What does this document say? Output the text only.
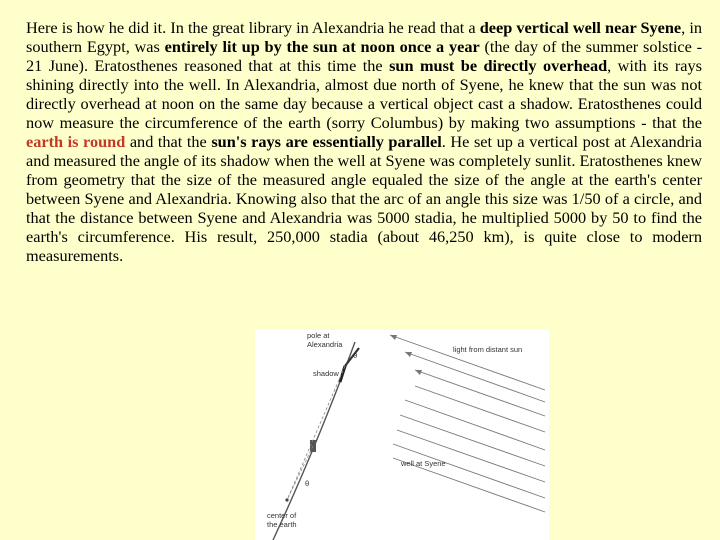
Here is how he did it. In the great library in Alexandria he read that a deep vertical well near Syene, in southern Egypt, was entirely lit up by the sun at noon once a year (the day of the summer solstice - 21 June). Eratosthenes reasoned that at this time the sun must be directly overhead, with its rays shining directly into the well. In Alexandria, almost due north of Syene, he knew that the sun was not directly overhead at noon on the same day because a vertical object cast a shadow. Eratosthenes could now measure the circumference of the earth (sorry Columbus) by making two assumptions - that the earth is round and that the sun's rays are essentially parallel. He set up a vertical post at Alexandria and measured the angle of its shadow when the well at Syene was completely sunlit. Eratosthenes knew from geometry that the size of the measured angle equaled the size of the angle at the earth's center between Syene and Alexandria. Knowing also that the arc of an angle this size was 1/50 of a circle, and that the distance between Syene and Alexandria was 5000 stadia, he multiplied 5000 by 50 to find the earth's circumference. His result, 250,000 stadia (about 46,250 km), is quite close to modern measurements.
pole at
Alexandria
light from distant sun
shadow
θ
well at Syene
θ
center of
the earth
